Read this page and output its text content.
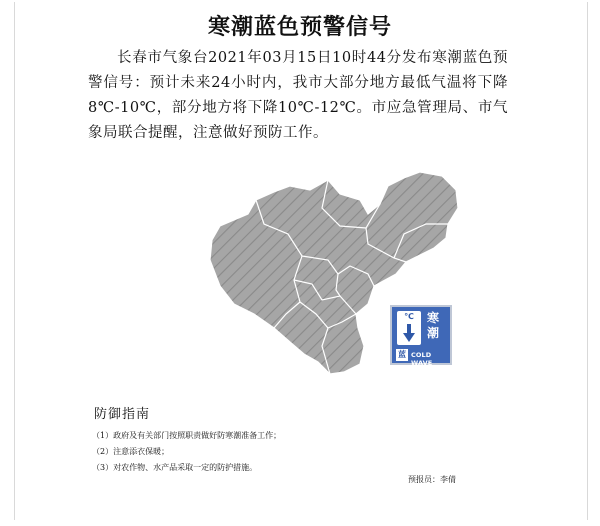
寒潮蓝色预警信号
长春市气象台2021年03月15日10时44分发布寒潮蓝色预警信号：预计未来24小时内，我市大部分地方最低气温将下降8℃-10℃，部分地方将下降10℃-12℃。市应急管理局、市气象局联合提醒，注意做好预防工作。
℃	寒
潮
蓝 COLD WAVE
防御指南
（1）政府及有关部门按照职责做好防寒潮准备工作；
（2）注意添衣保暖；
（3）对农作物、水产品采取一定的防护措施。
预报员：李倩
